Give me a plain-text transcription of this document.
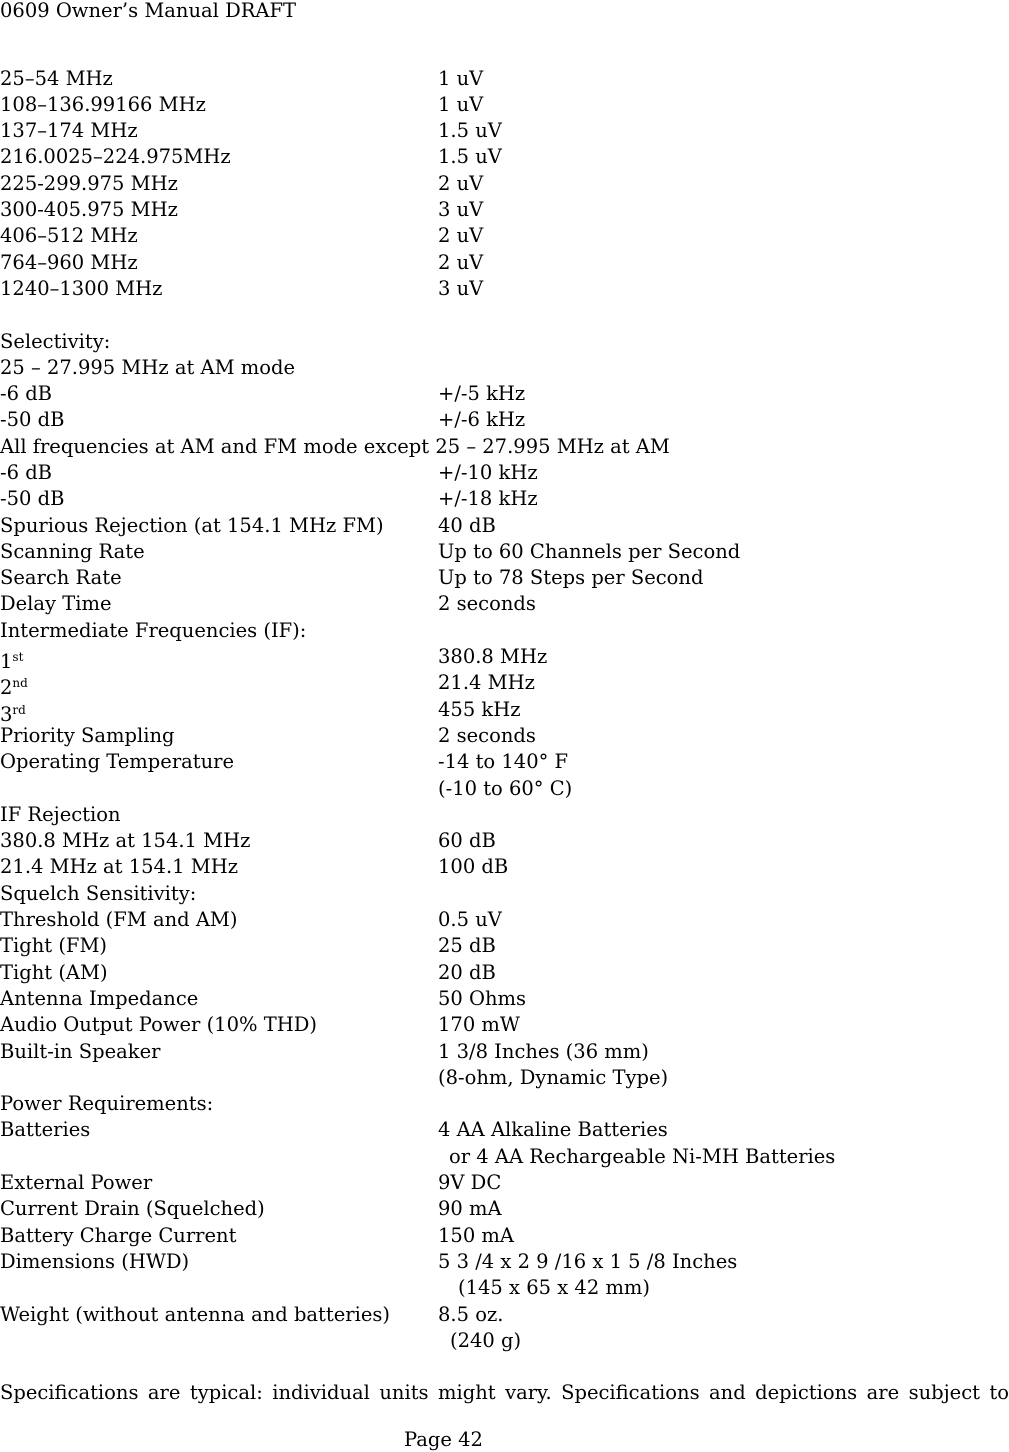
0609 Owner’s Manual DRAFT
25–54 MHz	1 uV
108–136.99166 MHz	1 uV
137–174 MHz	1.5 uV
216.0025–224.975MHz	1.5 uV
225-299.975 MHz	2 uV
300-405.975 MHz	3 uV
406–512 MHz	2 uV
764–960 MHz	2 uV
1240–1300 MHz	3 uV
Selectivity:
25 – 27.995 MHz at AM mode
-6 dB	+/-5 kHz
-50 dB	+/-6 kHz
All frequencies at AM and FM mode except 25 – 27.995 MHz at AM
-6 dB	+/-10 kHz
-50 dB	+/-18 kHz
Spurious Rejection (at 154.1 MHz FM)	40 dB
Scanning Rate	Up to 60 Channels per Second
Search Rate	Up to 78 Steps per Second
Delay Time	2 seconds
Intermediate Frequencies (IF):
1st	380.8 MHz
2nd	21.4 MHz
3rd	455 kHz
Priority Sampling	2 seconds
Operating Temperature	-14 to 140° F
(-10 to 60° C)
IF Rejection
380.8 MHz at 154.1 MHz	60 dB
21.4 MHz at 154.1 MHz	100 dB
Squelch Sensitivity:
Threshold (FM and AM)	0.5 uV
Tight (FM)	25 dB
Tight (AM)	20 dB
Antenna Impedance	50 Ohms
Audio Output Power (10% THD)	170 mW
Built-in Speaker	1 3/8 Inches (36 mm)
(8-ohm, Dynamic Type)
Power Requirements:
Batteries	4 AA Alkaline Batteries
or 4 AA Rechargeable Ni-MH Batteries
External Power	9V DC
Current Drain (Squelched)	90 mA
Battery Charge Current	150 mA
Dimensions (HWD)	5 3 /4 x 2 9 /16 x 1 5 /8 Inches
(145 x 65 x 42 mm)
Weight (without antenna and batteries) 8.5 oz.
(240 g)
Specifications are typical: individual units might vary. Specifications and depictions are subject to
Page 42
